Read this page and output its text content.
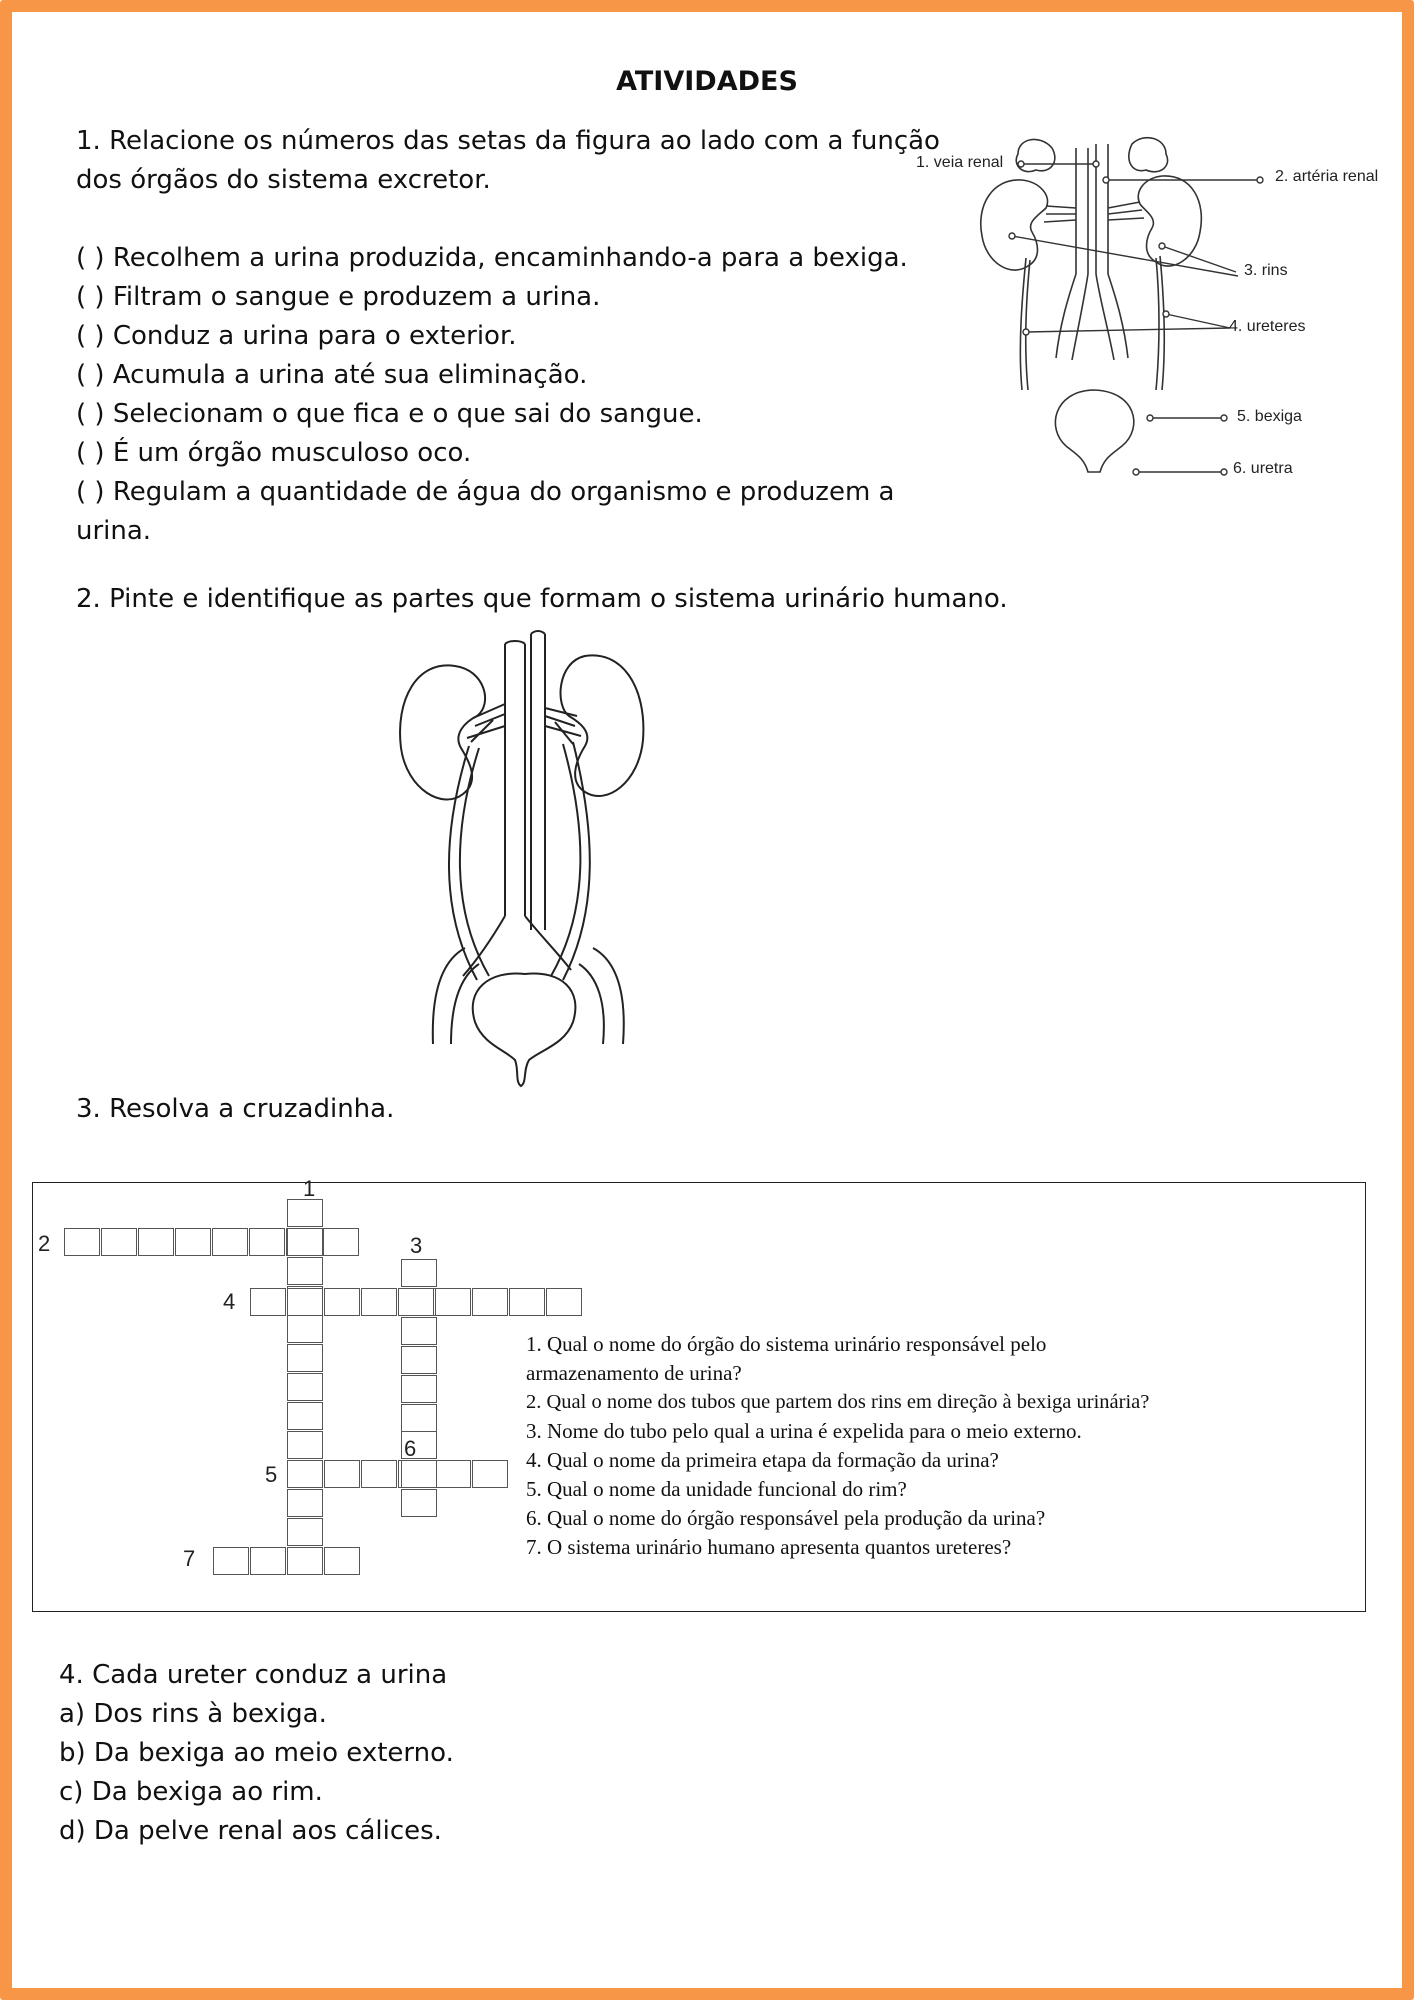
ATIVIDADES
1. Relacione os números das setas da figura ao lado com a função
dos órgãos do sistema excretor.
( ) Recolhem a urina produzida, encaminhando-a para a bexiga.
( ) Filtram o sangue e produzem a urina.
( ) Conduz a urina para o exterior.
( ) Acumula a urina até sua eliminação.
( ) Selecionam o que fica e o que sai do sangue.
( ) É um órgão musculoso oco.
( ) Regulam a quantidade de água do organismo e produzem a
urina.
1. veia renal
2. artéria renal
3. rins
4. ureteres
5. bexiga
6. uretra
2. Pinte e identifique as partes que formam o sistema urinário humano.
3. Resolva a cruzadinha.
1
2	3
4
5
6
7
1. Qual o nome do órgão do sistema urinário responsável pelo
armazenamento de urina?
2. Qual o nome dos tubos que partem dos rins em direção à bexiga urinária?
3. Nome do tubo pelo qual a urina é expelida para o meio externo.
4. Qual o nome da primeira etapa da formação da urina?
5. Qual o nome da unidade funcional do rim?
6. Qual o nome do órgão responsável pela produção da urina?
7. O sistema urinário humano apresenta quantos ureteres?
4. Cada ureter conduz a urina
a) Dos rins à bexiga.
b) Da bexiga ao meio externo.
c) Da bexiga ao rim.
d) Da pelve renal aos cálices.
